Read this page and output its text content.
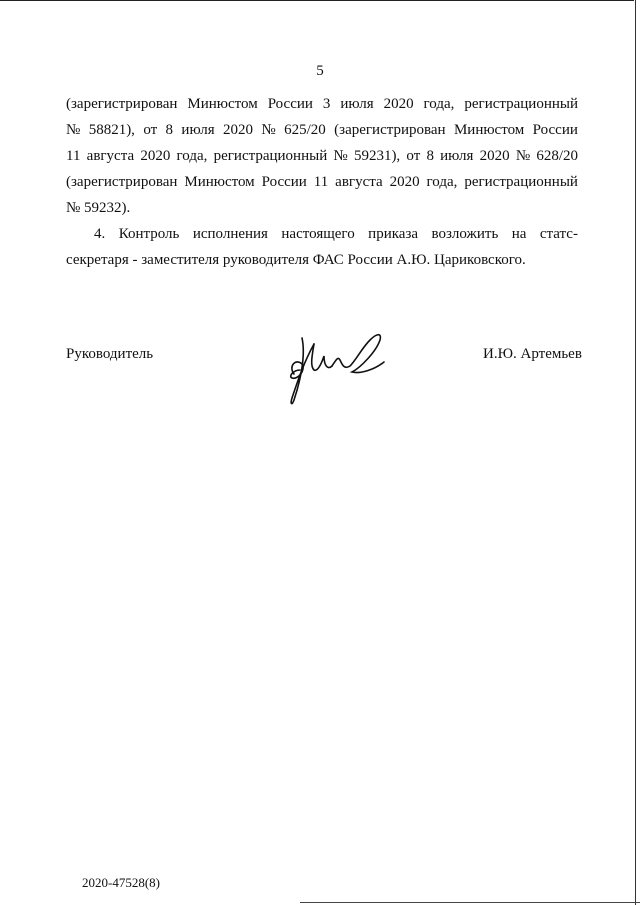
5
(зарегистрирован Минюстом России 3 июля 2020 года, регистрационный
№ 58821), от 8 июля 2020 № 625/20 (зарегистрирован Минюстом России
11 августа 2020 года, регистрационный № 59231), от 8 июля 2020 № 628/20
(зарегистрирован Минюстом России 11 августа 2020 года, регистрационный
№ 59232).
4. Контроль исполнения настоящего приказа возложить на статс-
секретаря - заместителя руководителя ФАС России А.Ю. Цариковского.
Руководитель	И.Ю. Артемьев
2020-47528(8)
